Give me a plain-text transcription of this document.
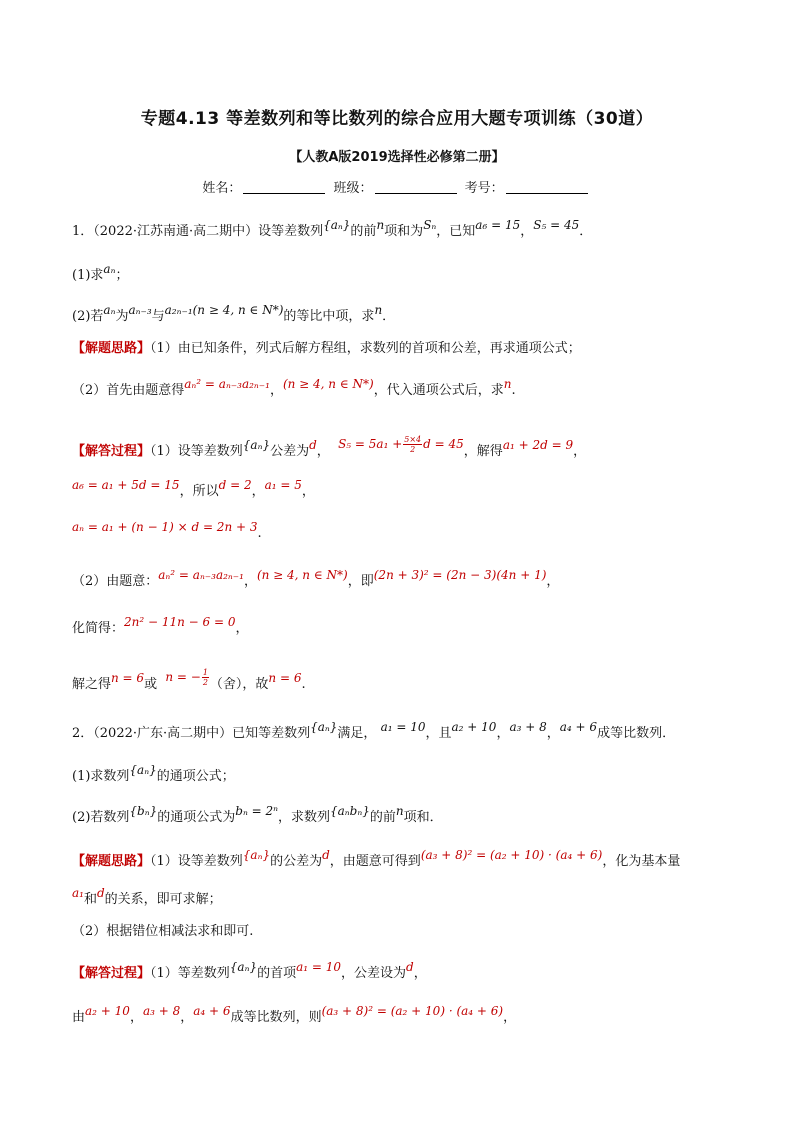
专题4.13 等差数列和等比数列的综合应用大题专项训练（30道）
【人教A版2019选择性必修第二册】
姓名：	班级：	考号：
1．（2022·江苏南通·高二期中）设等差数列{aₙ}的前n项和为Sₙ，已知a₆ = 15，S₅ = 45．
(1)求aₙ；
(2)若aₙ为aₙ₋₃与a₂ₙ₋₁(n ≥ 4, n ∈ N*)的等比中项，求n．
【解题思路】（1）由已知条件，列式后解方程组，求数列的首项和公差，再求通项公式；
（2）首先由题意得aₙ² = aₙ₋₃a₂ₙ₋₁，(n ≥ 4, n ∈ N*)，代入通项公式后，求n.
【解答过程】（1）设等差数列{aₙ}公差为d， $S_5 = 5a_1 + \frac{5\times 4}{2}$ d = 45，解得a₁ + 2d = 9，
a₆ = a₁ + 5d = 15，所以d = 2，a₁ = 5，
aₙ = a₁ + (n − 1) × d = 2n + 3.
（2）由题意：aₙ² = aₙ₋₃a₂ₙ₋₁，(n ≥ 4, n ∈ N*)，即(2n + 3)² = (2n − 3)(4n + 1)，
化简得：2n² − 11n − 6 = 0，
解之得n = 6或 n = − $\frac{1}{2}$ （舍），故n = 6.
2．（2022·广东·高二期中）已知等差数列{aₙ}满足， a₁ = 10，且a₂ + 10，a₃ + 8，a₄ + 6成等比数列．
(1)求数列{aₙ}的通项公式；
(2)若数列{bₙ}的通项公式为bₙ = 2ⁿ，求数列{aₙbₙ}的前n项和．
【解题思路】（1）设等差数列{aₙ}的公差为d，由题意可得到(a₃ + 8)² = (a₂ + 10) · (a₄ + 6)，化为基本量
a₁和d的关系，即可求解；
（2）根据错位相减法求和即可.
【解答过程】（1）等差数列{aₙ}的首项a₁ = 10，公差设为d，
由a₂ + 10，a₃ + 8，a₄ + 6成等比数列，则(a₃ + 8)² = (a₂ + 10) · (a₄ + 6)，
